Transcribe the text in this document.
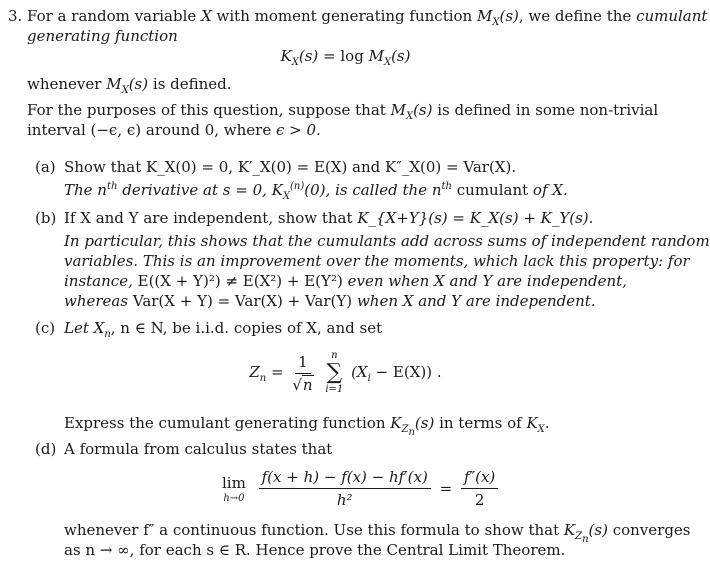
3. For a random variable X with moment generating function $M_X(s)$, we define the cumulant
generating function
$K_X(s) = \log M_X(s)$
whenever $M_X(s)$ is defined.
For the purposes of this question, suppose that $M_X(s)$ is defined in some non-trivial
interval (−ϵ, ϵ) around 0, where ϵ > 0.
(a) Show that K_X(0) = 0, K′_X(0) = E(X) and K″_X(0) = Var(X).
The $n^{th}$ derivative at s = 0, $K_X^{(n)}(0)$, is called the $n^{th}$ cumulant of X.
(b) If X and Y are independent, show that K_{X+Y}(s) = K_X(s) + K_Y(s).
In particular, this shows that the cumulants add across sums of independent random
variables. This is an improvement over the moments, which lack this property: for
instance, E((X + Y)²) ≠ E(X²) + E(Y²) even when X and Y are independent,
whereas Var(X + Y) = Var(X) + Var(Y) when X and Y are independent.
(c) Let $X_n$, n ∈ N, be i.i.d. copies of X, and set
$Z_n = \frac{1}{√n}$
n
∑
i=1
$(X_i - E(X))$ .
Express the cumulant generating function $K_{Z_n}(s)$ in terms of $K_X$.
(d) A formula from calculus states that
lim
h→0
$\frac{f(x + h) - f(x) - hf'(x)}{\text{h²}} = \frac{f''(x)}{2}$
whenever f″ a continuous function. Use this formula to show that $K_{Z_n}(s)$ converges
as n → ∞, for each s ∈ R. Hence prove the Central Limit Theorem.
